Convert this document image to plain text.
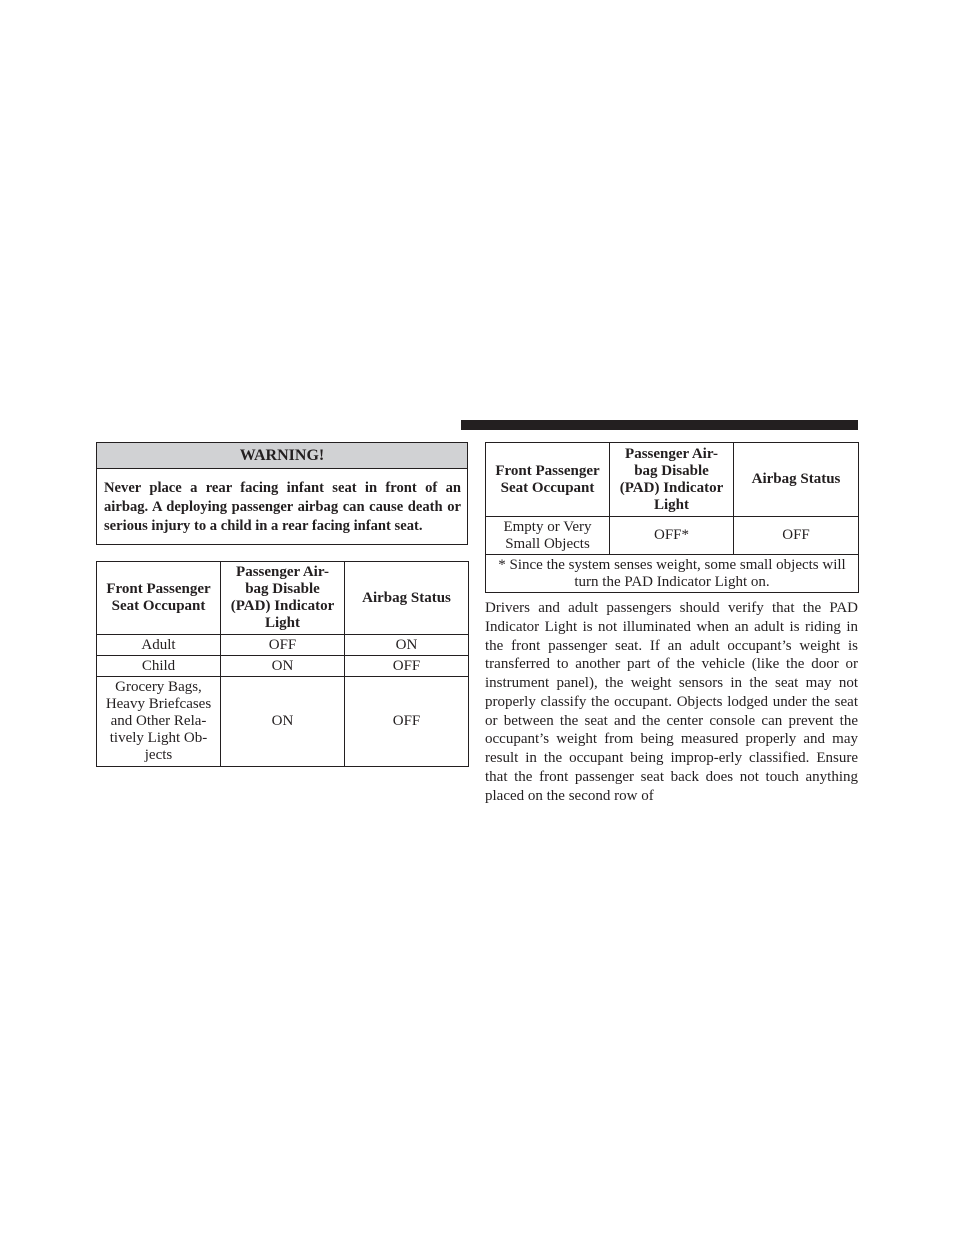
WARNING!
Never place a rear facing infant seat in front of an airbag. A deploying passenger airbag can cause death or serious injury to a child in a rear facing infant seat.
Front Passenger Seat Occupant	Passenger Air-bag Disable (PAD) Indicator Light	Airbag Status
Adult	OFF	ON
Child	ON	OFF
Grocery Bags, Heavy Briefcases and Other Rela-tively Light Ob-jects	ON	OFF
Front Passenger Seat Occupant	Passenger Air-bag Disable (PAD) Indicator Light	Airbag Status
Empty or Very Small Objects	OFF*	OFF
* Since the system senses weight, some small objects will turn the PAD Indicator Light on.		

Drivers and adult passengers should verify that the PAD Indicator Light is not illuminated when an adult is riding in the front passenger seat. If an adult occupant’s weight is transferred to another part of the vehicle (like the door or instrument panel), the weight sensors in the seat may not properly classify the occupant. Objects lodged under the seat or between the seat and the center console can prevent the occupant’s weight from being measured properly and may result in the occupant being improp-erly classified. Ensure that the front passenger seat back does not touch anything placed on the second row of
